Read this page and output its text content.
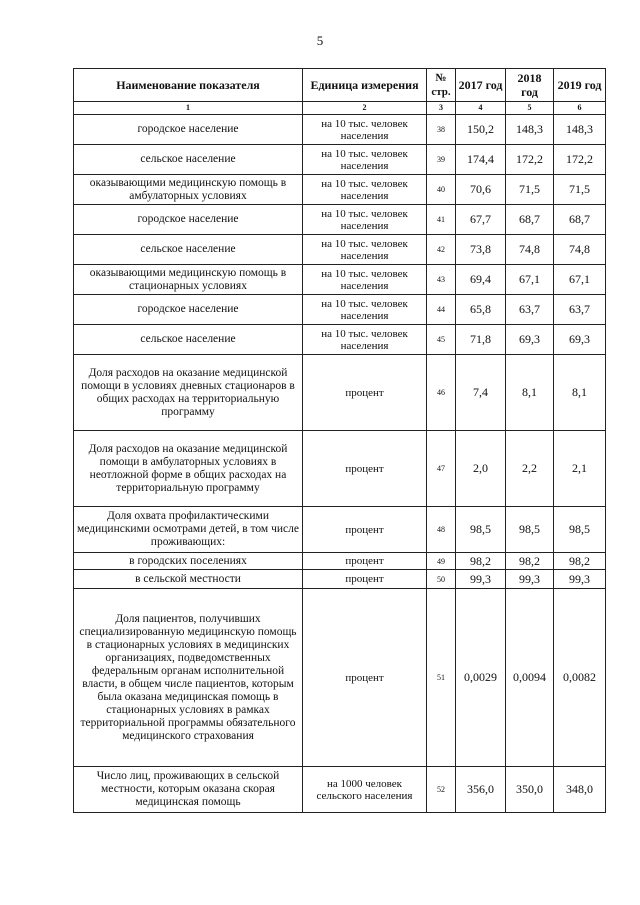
5
Наименование показателя	Единица измерения	№ стр.	2017 год	2018 год	2019 год
1	2	3	4	5	6
городское население	на 10 тыс. человек населения	38	150,2	148,3	148,3
сельское население	на 10 тыс. человек населения	39	174,4	172,2	172,2
оказывающими медицинскую помощь в амбулаторных условиях	на 10 тыс. человек населения	40	70,6	71,5	71,5
городское население	на 10 тыс. человек населения	41	67,7	68,7	68,7
сельское население	на 10 тыс. человек населения	42	73,8	74,8	74,8
оказывающими медицинскую помощь в стационарных условиях	на 10 тыс. человек населения	43	69,4	67,1	67,1
городское население	на 10 тыс. человек населения	44	65,8	63,7	63,7
сельское население	на 10 тыс. человек населения	45	71,8	69,3	69,3
Доля расходов на оказание медицинской помощи в условиях дневных стационаров в общих расходах на территориальную программу	процент	46	7,4	8,1	8,1
Доля расходов на оказание медицинской помощи в амбулаторных условиях в неотложной форме в общих расходах на территориальную программу	процент	47	2,0	2,2	2,1
Доля охвата профилактическими медицинскими осмотрами детей, в том числе проживающих:	процент	48	98,5	98,5	98,5
в городских поселениях	процент	49	98,2	98,2	98,2
в сельской местности	процент	50	99,3	99,3	99,3
Доля пациентов, получивших специализированную медицинскую помощь в стационарных условиях в медицинских организациях, подведомственных федеральным органам исполнительной власти, в общем числе пациентов, которым была оказана медицинская помощь в стационарных условиях в рамках территориальной программы обязательного медицинского страхования	процент	51	0,0029	0,0094	0,0082
Число лиц, проживающих в сельской местности, которым оказана скорая медицинская помощь	на 1000 человек сельского населения	52	356,0	350,0	348,0
